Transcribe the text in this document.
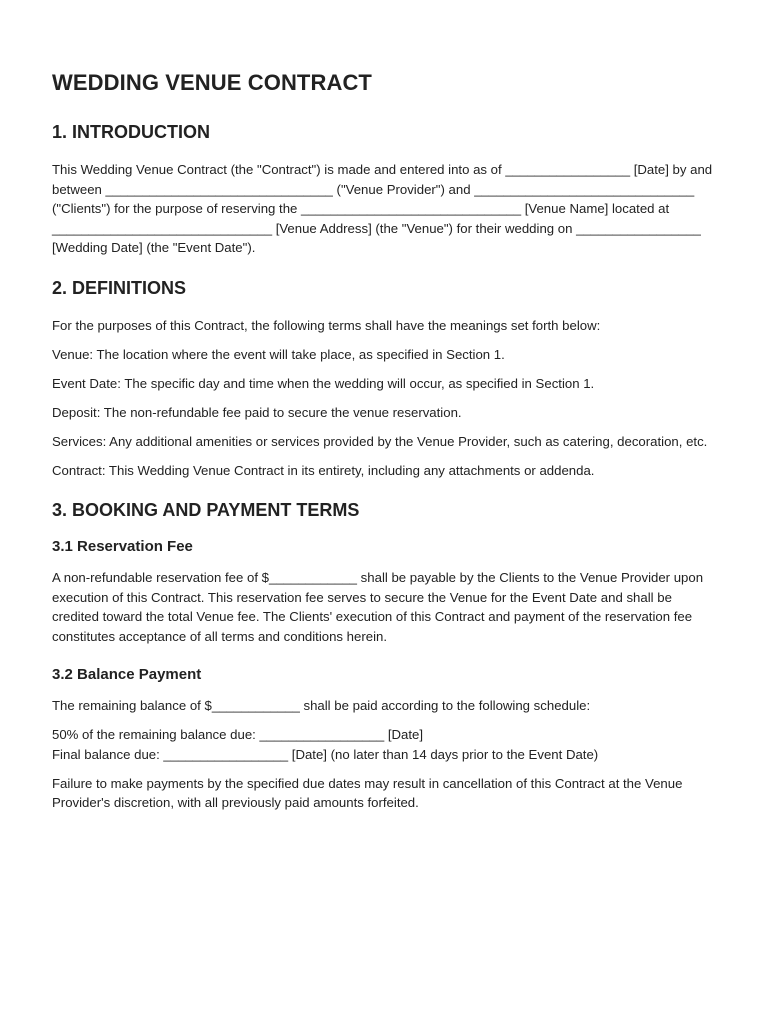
WEDDING VENUE CONTRACT
1. INTRODUCTION

This Wedding Venue Contract (the "Contract") is made and entered into as of _________________ [Date] by and between _______________________________ ("Venue Provider") and ______________________________ ("Clients") for the purpose of reserving the ______________________________ [Venue Name] located at ______________________________ [Venue Address] (the "Venue") for their wedding on _________________ [Wedding Date] (the "Event Date").

2. DEFINITIONS

For the purposes of this Contract, the following terms shall have the meanings set forth below:

Venue: The location where the event will take place, as specified in Section 1.

Event Date: The specific day and time when the wedding will occur, as specified in Section 1.

Deposit: The non-refundable fee paid to secure the venue reservation.

Services: Any additional amenities or services provided by the Venue Provider, such as catering, decoration, etc.

Contract: This Wedding Venue Contract in its entirety, including any attachments or addenda.

3. BOOKING AND PAYMENT TERMS
3.1 Reservation Fee

A non-refundable reservation fee of $____________ shall be payable by the Clients to the Venue Provider upon execution of this Contract. This reservation fee serves to secure the Venue for the Event Date and shall be credited toward the total Venue fee. The Clients' execution of this Contract and payment of the reservation fee constitutes acceptance of all terms and conditions herein.

3.2 Balance Payment

The remaining balance of $____________ shall be paid according to the following schedule:

50% of the remaining balance due: _________________ [Date]
Final balance due: _________________ [Date] (no later than 14 days prior to the Event Date)

Failure to make payments by the specified due dates may result in cancellation of this Contract at the Venue Provider's discretion, with all previously paid amounts forfeited.
